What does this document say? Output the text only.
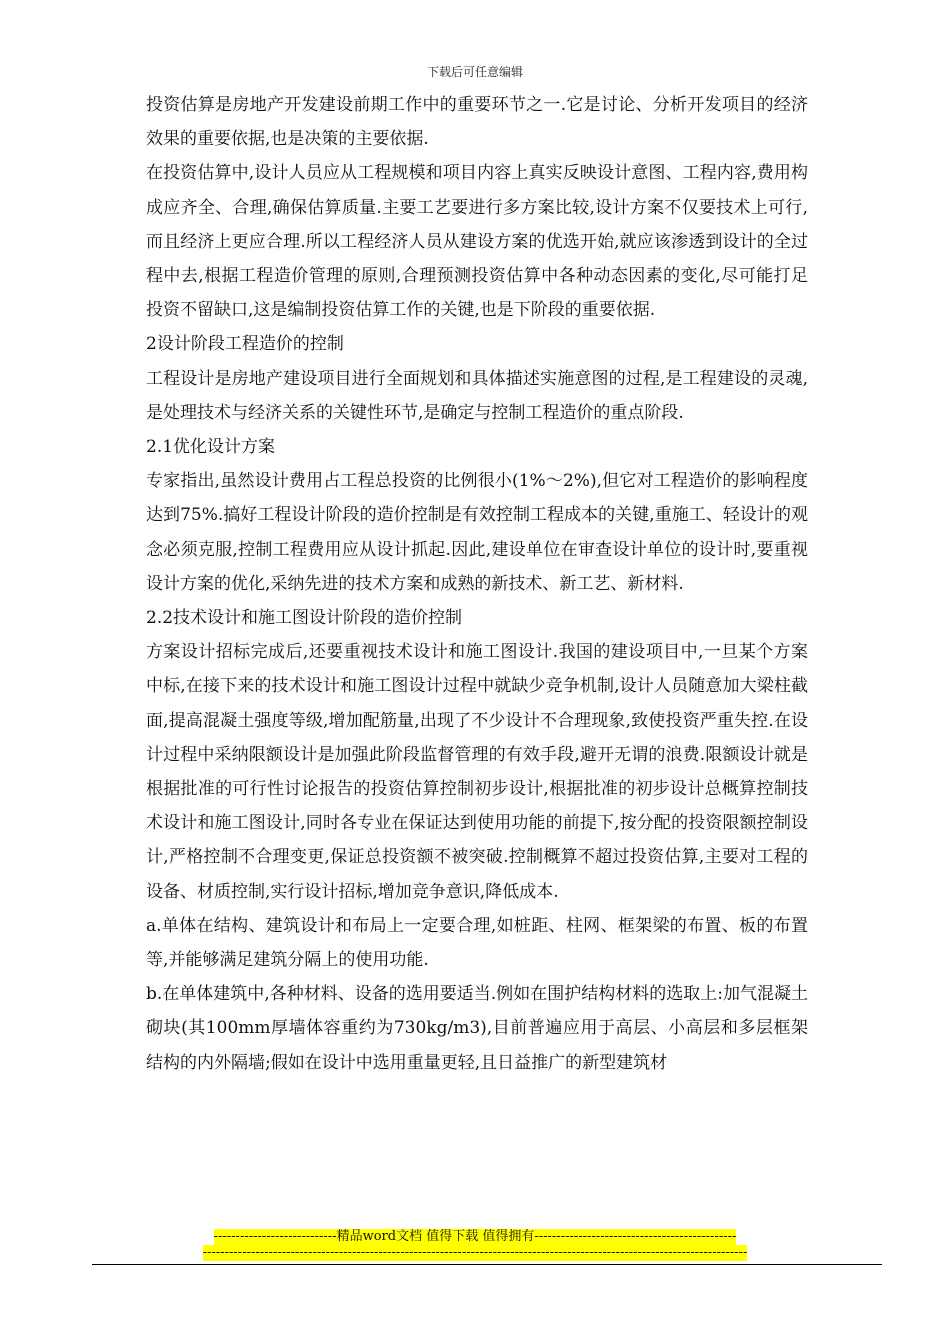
下载后可任意编辑

投资估算是房地产开发建设前期工作中的重要环节之一.它是讨论、分析开发项目的经济效果的重要依据,也是决策的主要依据.

在投资估算中,设计人员应从工程规模和项目内容上真实反映设计意图、工程内容,费用构成应齐全、合理,确保估算质量.主要工艺要进行多方案比较,设计方案不仅要技术上可行,而且经济上更应合理.所以工程经济人员从建设方案的优选开始,就应该渗透到设计的全过程中去,根据工程造价管理的原则,合理预测投资估算中各种动态因素的变化,尽可能打足投资不留缺口,这是编制投资估算工作的关键,也是下阶段的重要依据.

2设计阶段工程造价的控制

工程设计是房地产建设项目进行全面规划和具体描述实施意图的过程,是工程建设的灵魂,是处理技术与经济关系的关键性环节,是确定与控制工程造价的重点阶段.

2.1优化设计方案

专家指出,虽然设计费用占工程总投资的比例很小(1%～2%),但它对工程造价的影响程度达到75%.搞好工程设计阶段的造价控制是有效控制工程成本的关键,重施工、轻设计的观念必须克服,控制工程费用应从设计抓起.因此,建设单位在审查设计单位的设计时,要重视设计方案的优化,采纳先进的技术方案和成熟的新技术、新工艺、新材料.

2.2技术设计和施工图设计阶段的造价控制

方案设计招标完成后,还要重视技术设计和施工图设计.我国的建设项目中,一旦某个方案中标,在接下来的技术设计和施工图设计过程中就缺少竞争机制,设计人员随意加大梁柱截面,提高混凝土强度等级,增加配筋量,出现了不少设计不合理现象,致使投资严重失控.在设计过程中采纳限额设计是加强此阶段监督管理的有效手段,避开无谓的浪费.限额设计就是根据批准的可行性讨论报告的投资估算控制初步设计,根据批准的初步设计总概算控制技术设计和施工图设计,同时各专业在保证达到使用功能的前提下,按分配的投资限额控制设计,严格控制不合理变更,保证总投资额不被突破.控制概算不超过投资估算,主要对工程的设备、材质控制,实行设计招标,增加竞争意识,降低成本.

a.单体在结构、建筑设计和布局上一定要合理,如桩距、柱网、框架梁的布置、板的布置等,并能够满足建筑分隔上的使用功能.

b.在单体建筑中,各种材料、设备的选用要适当.例如在围护结构材料的选取上:加气混凝土砌块(其100mm厚墙体容重约为730kg/m3),目前普遍应用于高层、小高层和多层框架结构的内外隔墙;假如在设计中选用重量更轻,且日益推广的新型建筑材

----------------------------精品word文档 值得下载 值得拥有----------------------------------------------
----------------------------------------------------------------------------------------------------------------------------
